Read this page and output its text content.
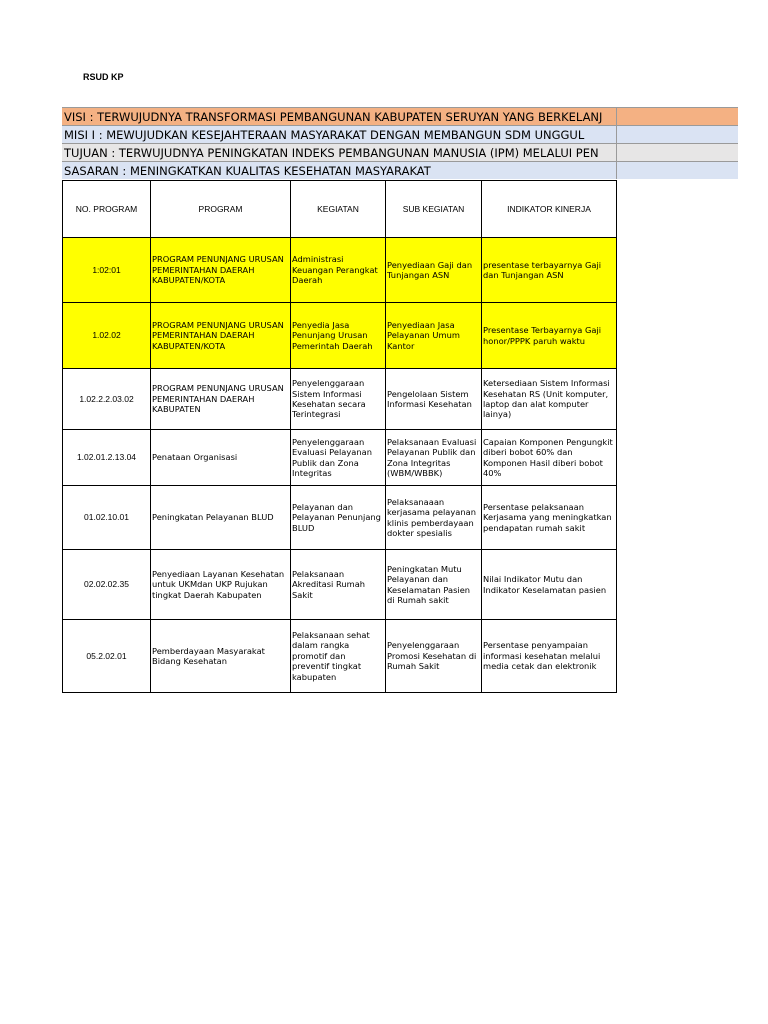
RSUD KP
VISI : TERWUJUDNYA TRANSFORMASI PEMBANGUNAN KABUPATEN SERUYAN YANG BERKELANJ
MISI I : MEWUJUDKAN KESEJAHTERAAN MASYARAKAT DENGAN MEMBANGUN SDM UNGGUL
TUJUAN : TERWUJUDNYA PENINGKATAN INDEKS PEMBANGUNAN MANUSIA (IPM) MELALUI PEN
SASARAN : MENINGKATKAN KUALITAS KESEHATAN MASYARAKAT
NO. PROGRAM	PROGRAM	KEGIATAN	SUB KEGIATAN	INDIKATOR KINERJA
1:02:01	PROGRAM PENUNJANG URUSAN PEMERINTAHAN DAERAH KABUPATEN/KOTA	Administrasi Keuangan Perangkat Daerah	Penyediaan Gaji dan Tunjangan ASN	presentase terbayarnya Gaji dan Tunjangan ASN
1.02.02	PROGRAM PENUNJANG URUSAN PEMERINTAHAN DAERAH KABUPATEN/KOTA	Penyedia Jasa Penunjang Urusan Pemerintah Daerah	Penyediaan Jasa Pelayanan Umum Kantor	Presentase Terbayarnya Gaji honor/PPPK paruh waktu
1.02.2.2.03.02	PROGRAM PENUNJANG URUSAN PEMERINTAHAN DAERAH KABUPATEN	Penyelenggaraan Sistem Informasi Kesehatan secara Terintegrasi	Pengelolaan Sistem Informasi Kesehatan	Ketersediaan Sistem Informasi Kesehatan RS (Unit komputer, laptop dan alat komputer lainya)
1.02.01.2.13.04	Penataan Organisasi	Penyelenggaraan Evaluasi Pelayanan Publik dan Zona Integritas	Pelaksanaan Evaluasi Pelayanan Publik dan Zona Integritas (WBM/WBBK)	Capaian Komponen Pengungkit diberi bobot 60% dan Komponen Hasil diberi bobot 40%
01.02.10.01	Peningkatan Pelayanan BLUD	Pelayanan dan Pelayanan Penunjang BLUD	Pelaksanaaan kerjasama pelayanan klinis pemberdayaan dokter spesialis	Persentase pelaksanaan Kerjasama yang meningkatkan pendapatan rumah sakit
02.02.02.35	Penyediaan Layanan Kesehatan untuk UKMdan UKP Rujukan tingkat Daerah Kabupaten	Pelaksanaan Akreditasi Rumah Sakit	Peningkatan Mutu Pelayanan dan Keselamatan Pasien di Rumah sakit	Nilai Indikator Mutu dan Indikator Keselamatan pasien
05.2.02.01	Pemberdayaan Masyarakat Bidang Kesehatan	Pelaksanaan sehat dalam rangka promotif dan preventif tingkat kabupaten	Penyelenggaraan Promosi Kesehatan di Rumah Sakit	Persentase penyampaian informasi kesehatan melalui media cetak dan elektronik
